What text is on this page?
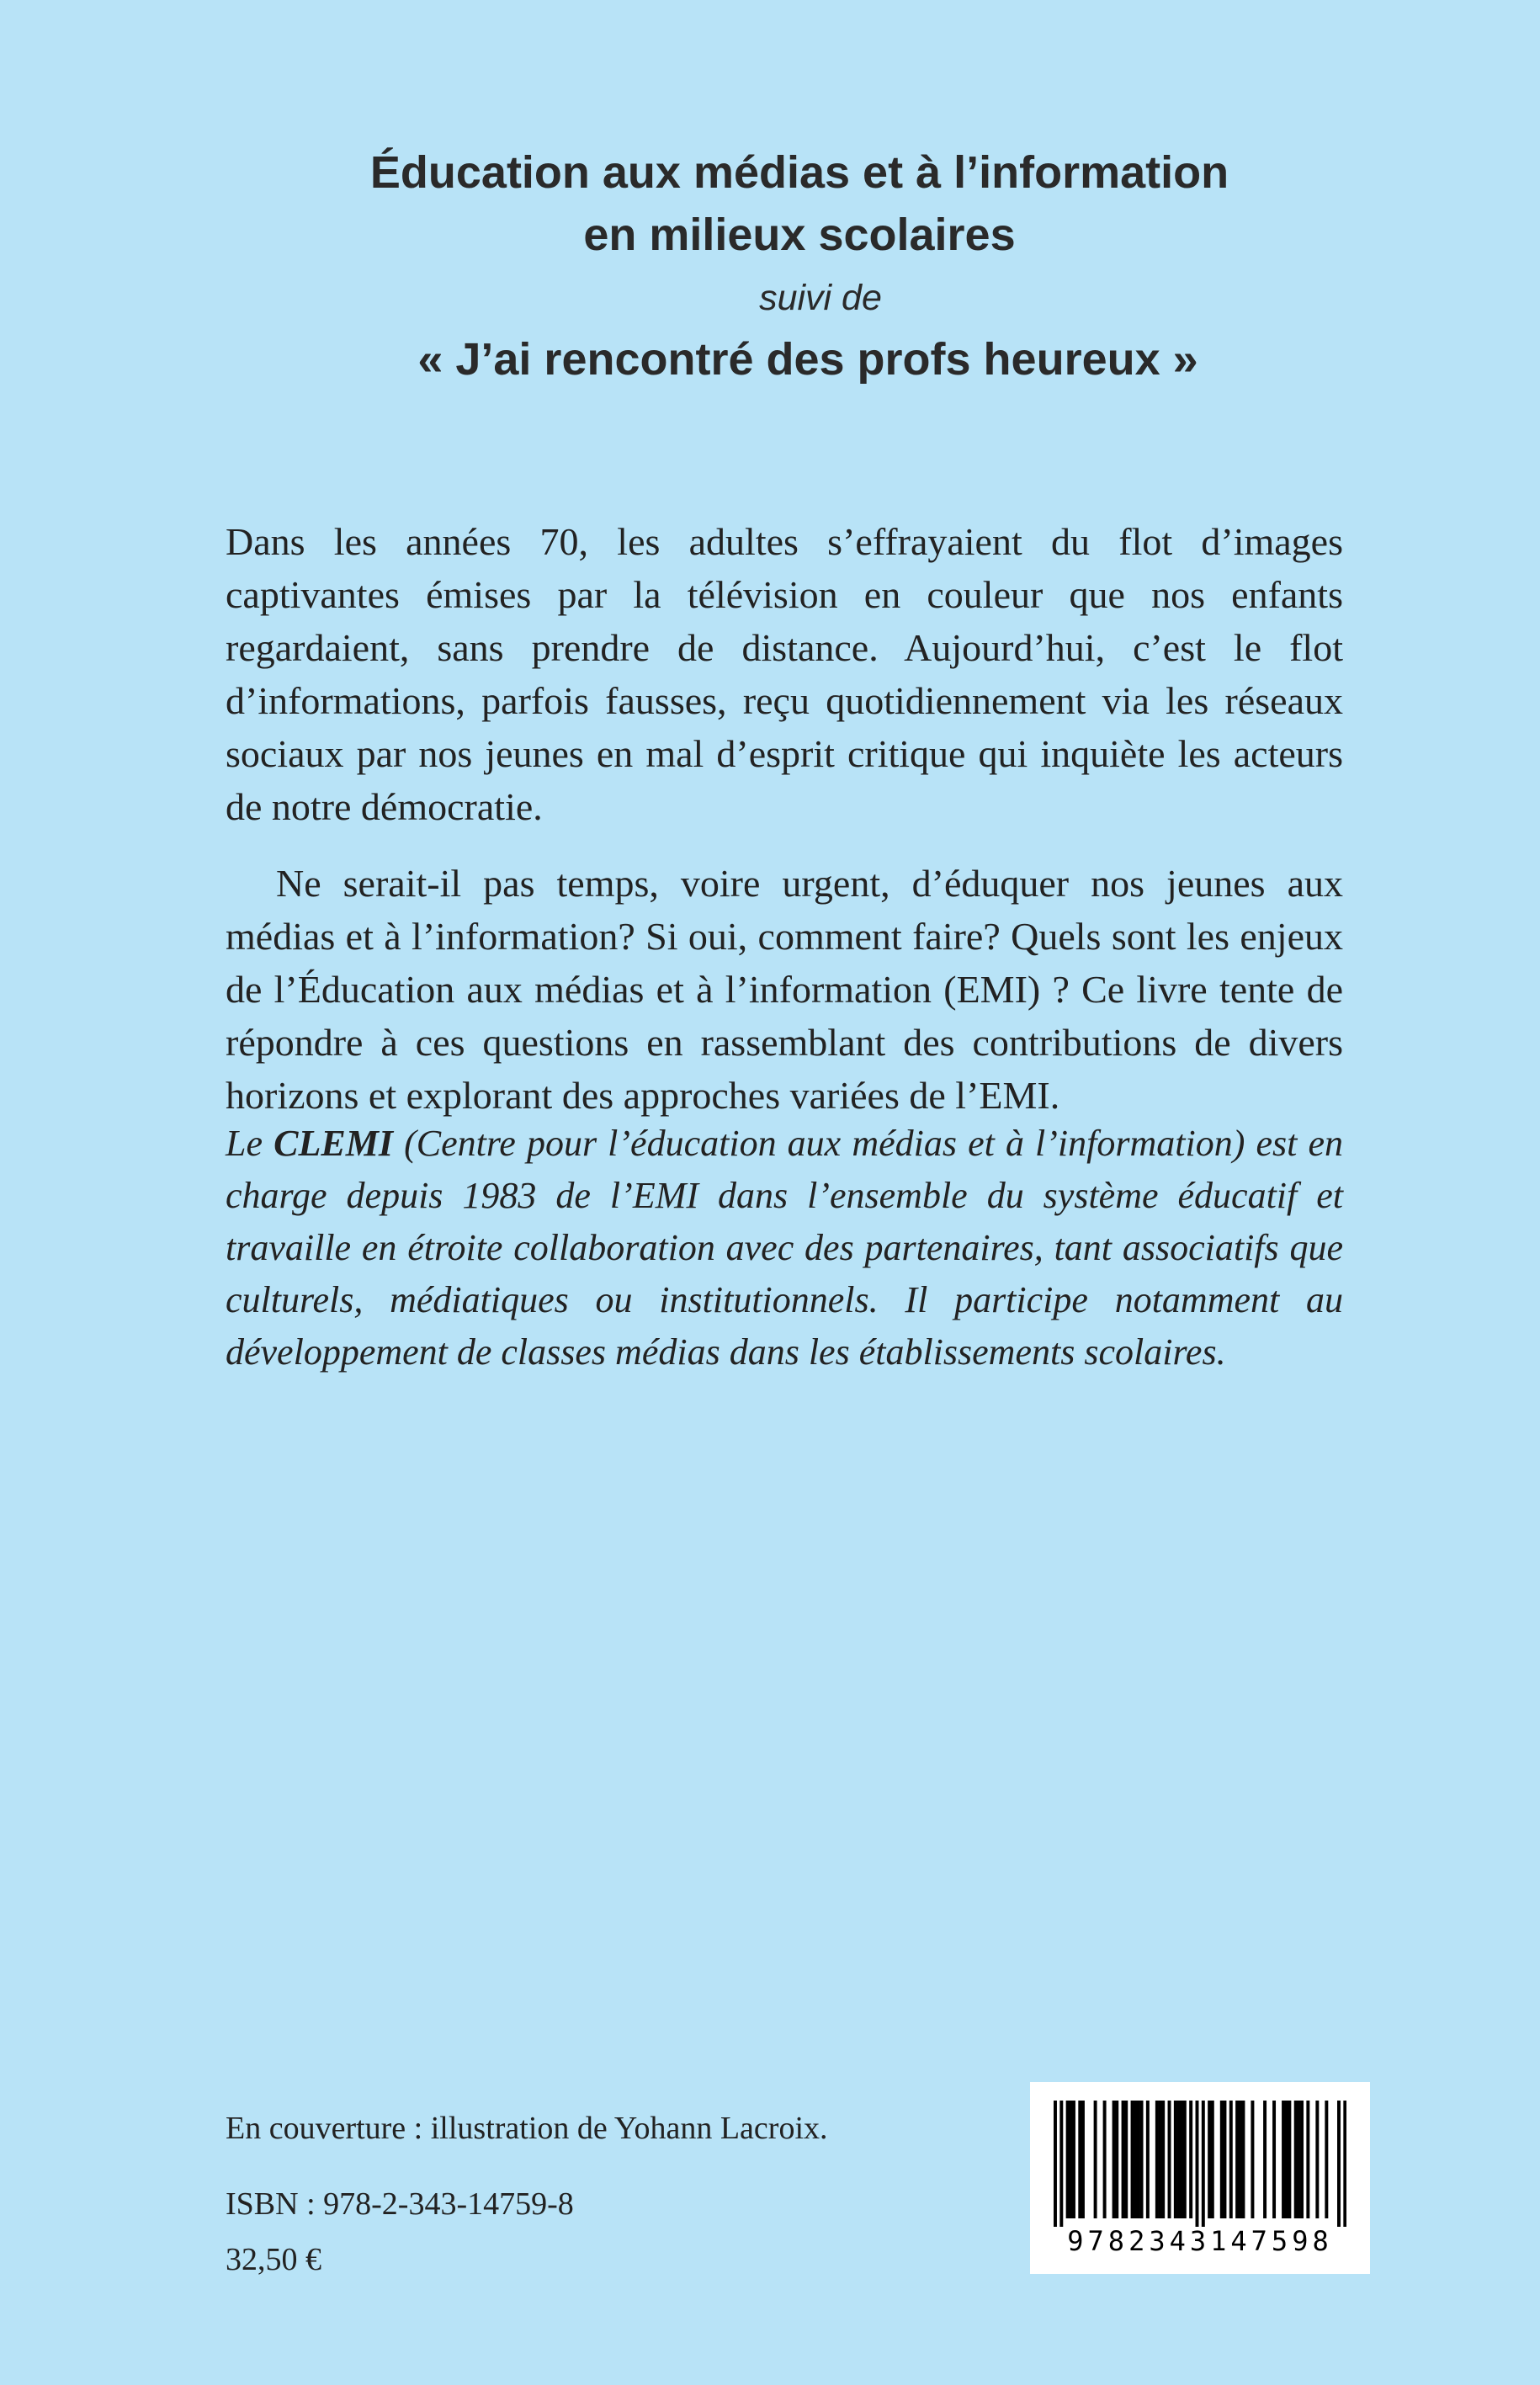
Éducation aux médias et à l’information
en milieux scolaires
suivi de
« J’ai rencontré des profs heureux »

Dans les années 70, les adultes s’effrayaient du flot d’images captivantes émises par la télévision en couleur que nos enfants regardaient, sans prendre de distance. Aujourd’hui, c’est le flot d’informations, parfois fausses, reçu quotidiennement via les réseaux sociaux par nos jeunes en mal d’esprit critique qui inquiète les acteurs de notre démocratie.

Ne serait-il pas temps, voire urgent, d’éduquer nos jeunes aux médias et à l’information? Si oui, comment faire? Quels sont les enjeux de l’Éducation aux médias et à l’information (EMI) ? Ce livre tente de répondre à ces questions en rassemblant des contributions de divers horizons et explorant des approches variées de l’EMI.

Le CLEMI (Centre pour l’éducation aux médias et à l’information) est en charge depuis 1983 de l’EMI dans l’ensemble du système éducatif et travaille en étroite collaboration avec des partenaires, tant associatifs que culturels, médiatiques ou institutionnels. Il participe notamment au développement de classes médias dans les établissements scolaires.
En couverture : illustration de Yohann Lacroix.
ISBN : 978-2-343-14759-8
32,50 €
9782343147598
